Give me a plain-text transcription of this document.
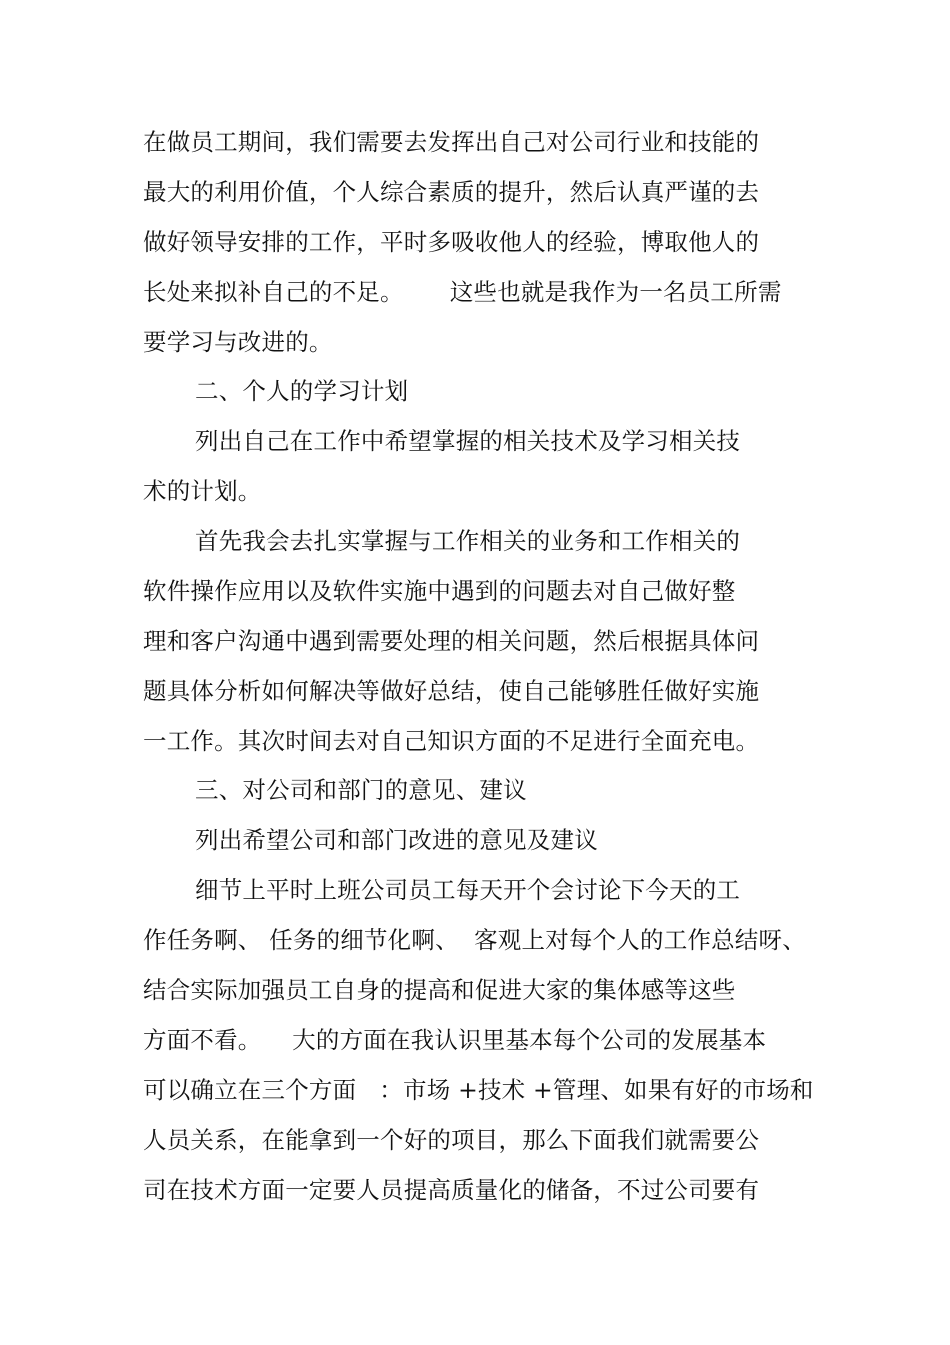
在做员工期间，我们需要去发挥出自己对公司行业和技能的
最大的利用价值，个人综合素质的提升，然后认真严谨的去
做好领导安排的工作，平时多吸收他人的经验，博取他人的
长处来拟补自己的不足。      这些也就是我作为一名员工所需
要学习与改进的。
二、个人的学习计划
列出自己在工作中希望掌握的相关技术及学习相关技
术的计划。
首先我会去扎实掌握与工作相关的业务和工作相关的
软件操作应用以及软件实施中遇到的问题去对自己做好整
理和客户沟通中遇到需要处理的相关问题，然后根据具体问
题具体分析如何解决等做好总结，使自己能够胜任做好实施
一工作。其次时间去对自己知识方面的不足进行全面充电。
三、对公司和部门的意见、建议
列出希望公司和部门改进的意见及建议
细节上平时上班公司员工每天开个会讨论下今天的工
作任务啊、 任务的细节化啊、  客观上对每个人的工作总结呀、
结合实际加强员工自身的提高和促进大家的集体感等这些
方面不看。    大的方面在我认识里基本每个公司的发展基本
可以确立在三个方面   ：市场 +技术 +管理、如果有好的市场和
人员关系，在能拿到一个好的项目，那么下面我们就需要公
司在技术方面一定要人员提高质量化的储备，不过公司要有
